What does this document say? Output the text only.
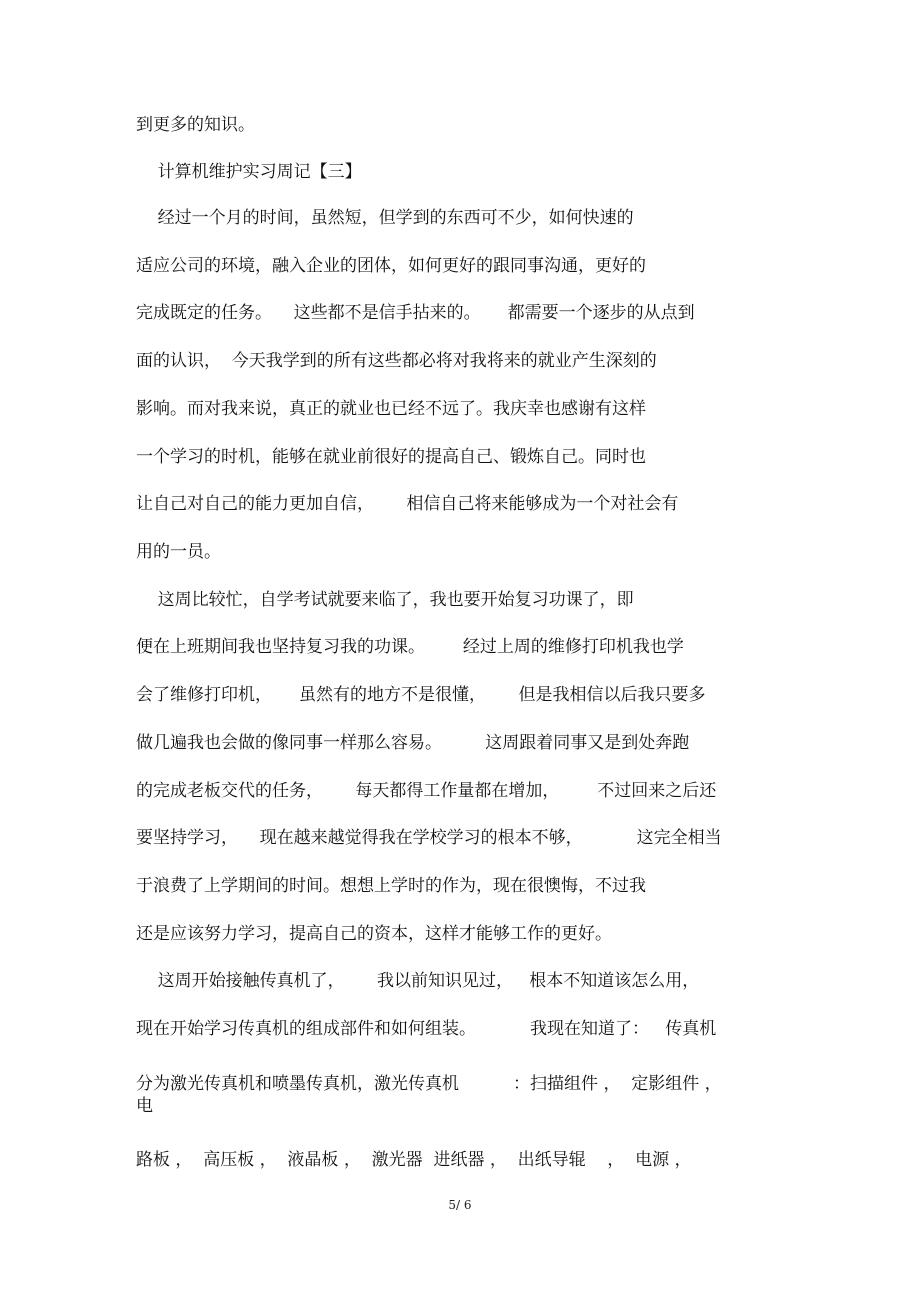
到更多的知识。
计算机维护实习周记【三】
经过一个月的时间，虽然短，但学到的东西可不少，如何快速的
适应公司的环境，融入企业的团体，如何更好的跟同事沟通，更好的
完成既定的任务。    这些都不是信手拈来的。     都需要一个逐步的从点到
面的认识，  今天我学到的所有这些都必将对我将来的就业产生深刻的
影响。而对我来说，真正的就业也已经不远了。我庆幸也感谢有这样
一个学习的时机，能够在就业前很好的提高自己、锻炼自己。同时也
让自己对自己的能力更加自信，      相信自己将来能够成为一个对社会有
用的一员。
这周比较忙，自学考试就要来临了，我也要开始复习功课了，即
便在上班期间我也坚持复习我的功课。       经过上周的维修打印机我也学
会了维修打印机，     虽然有的地方不是很懂，      但是我相信以后我只要多
做几遍我也会做的像同事一样那么容易。        这周跟着同事又是到处奔跑
的完成老板交代的任务，      每天都得工作量都在增加，       不过回来之后还
要坚持学习，    现在越来越觉得我在学校学习的根本不够，          这完全相当
于浪费了上学期间的时间。想想上学时的作为，现在很懊悔，不过我
还是应该努力学习，提高自己的资本，这样才能够工作的更好。
这周开始接触传真机了，      我以前知识见过，   根本不知道该怎么用，
现在开始学习传真机的组成部件和如何组装。          我现在知道了：   传真机
分为激光传真机和喷墨传真机，激光传真机          ：扫描组件 ，  定影组件 ，
电
路板 ，  高压板 ，  液晶板 ，  激光器  进纸器 ，  出纸导辊    ，  电源 ，
5/ 6
